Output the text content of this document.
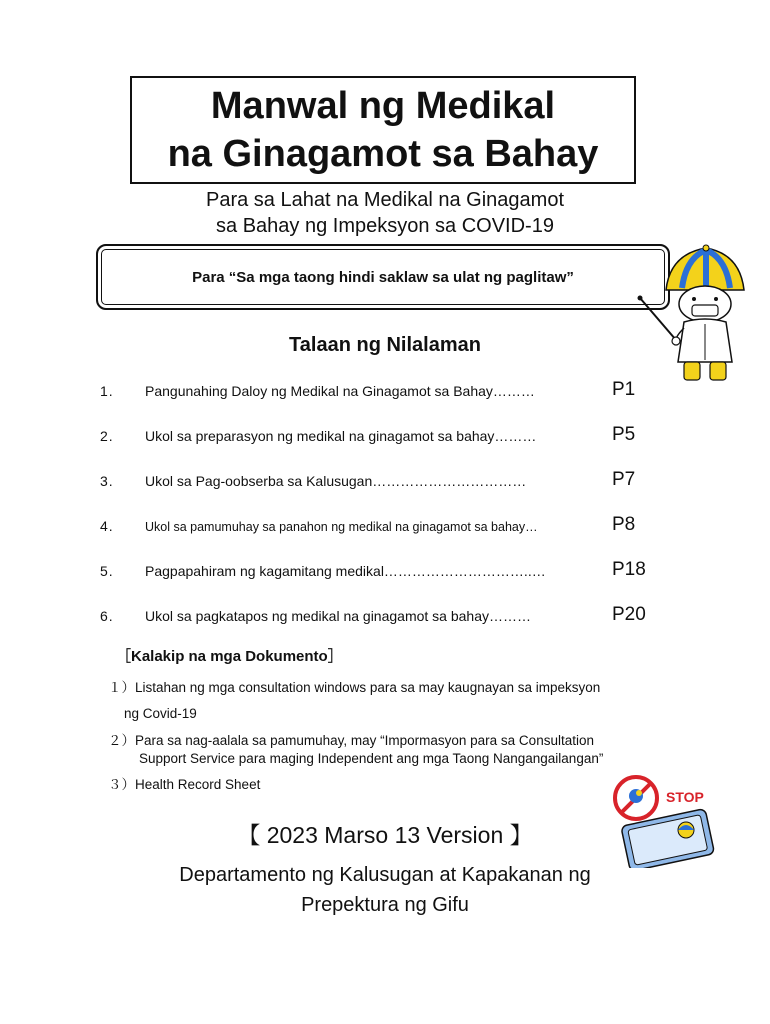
Manwal ng Medikal
na Ginagamot sa Bahay
Para sa Lahat na Medikal na Ginagamot
sa Bahay ng Impeksyon sa COVID-19
Para “Sa mga taong hindi saklaw sa ulat ng paglitaw”
Talaan ng Nilalaman
1. Pangunahing Daloy ng Medikal na Ginagamot sa Bahay………	P1
2. Ukol sa preparasyon ng medikal na ginagamot sa bahay………	P5
3. Ukol sa Pag-oobserba sa Kalusugan……………………………	P7
4.	Ukol sa pamumuhay sa panahon ng medikal na ginagamot sa bahay…	P8
5. Pagpapahiram ng kagamitang medikal…………………………..…	P18
6. Ukol sa pagkatapos ng medikal na ginagamot sa bahay………	P20
［Kalakip na mga Dokumento］
１）Listahan ng mga consultation windows para sa may kaugnayan sa impeksyon
ng Covid-19
２）Para sa nag-aalala sa pamumuhay, may “Impormasyon para sa Consultation
Support Service para maging Independent ang mga Taong Nangangailangan”
３）Health Record Sheet
STOP
【 2023 Marso 13 Version 】
Departamento ng Kalusugan at Kapakanan ng
Prepektura ng Gifu
